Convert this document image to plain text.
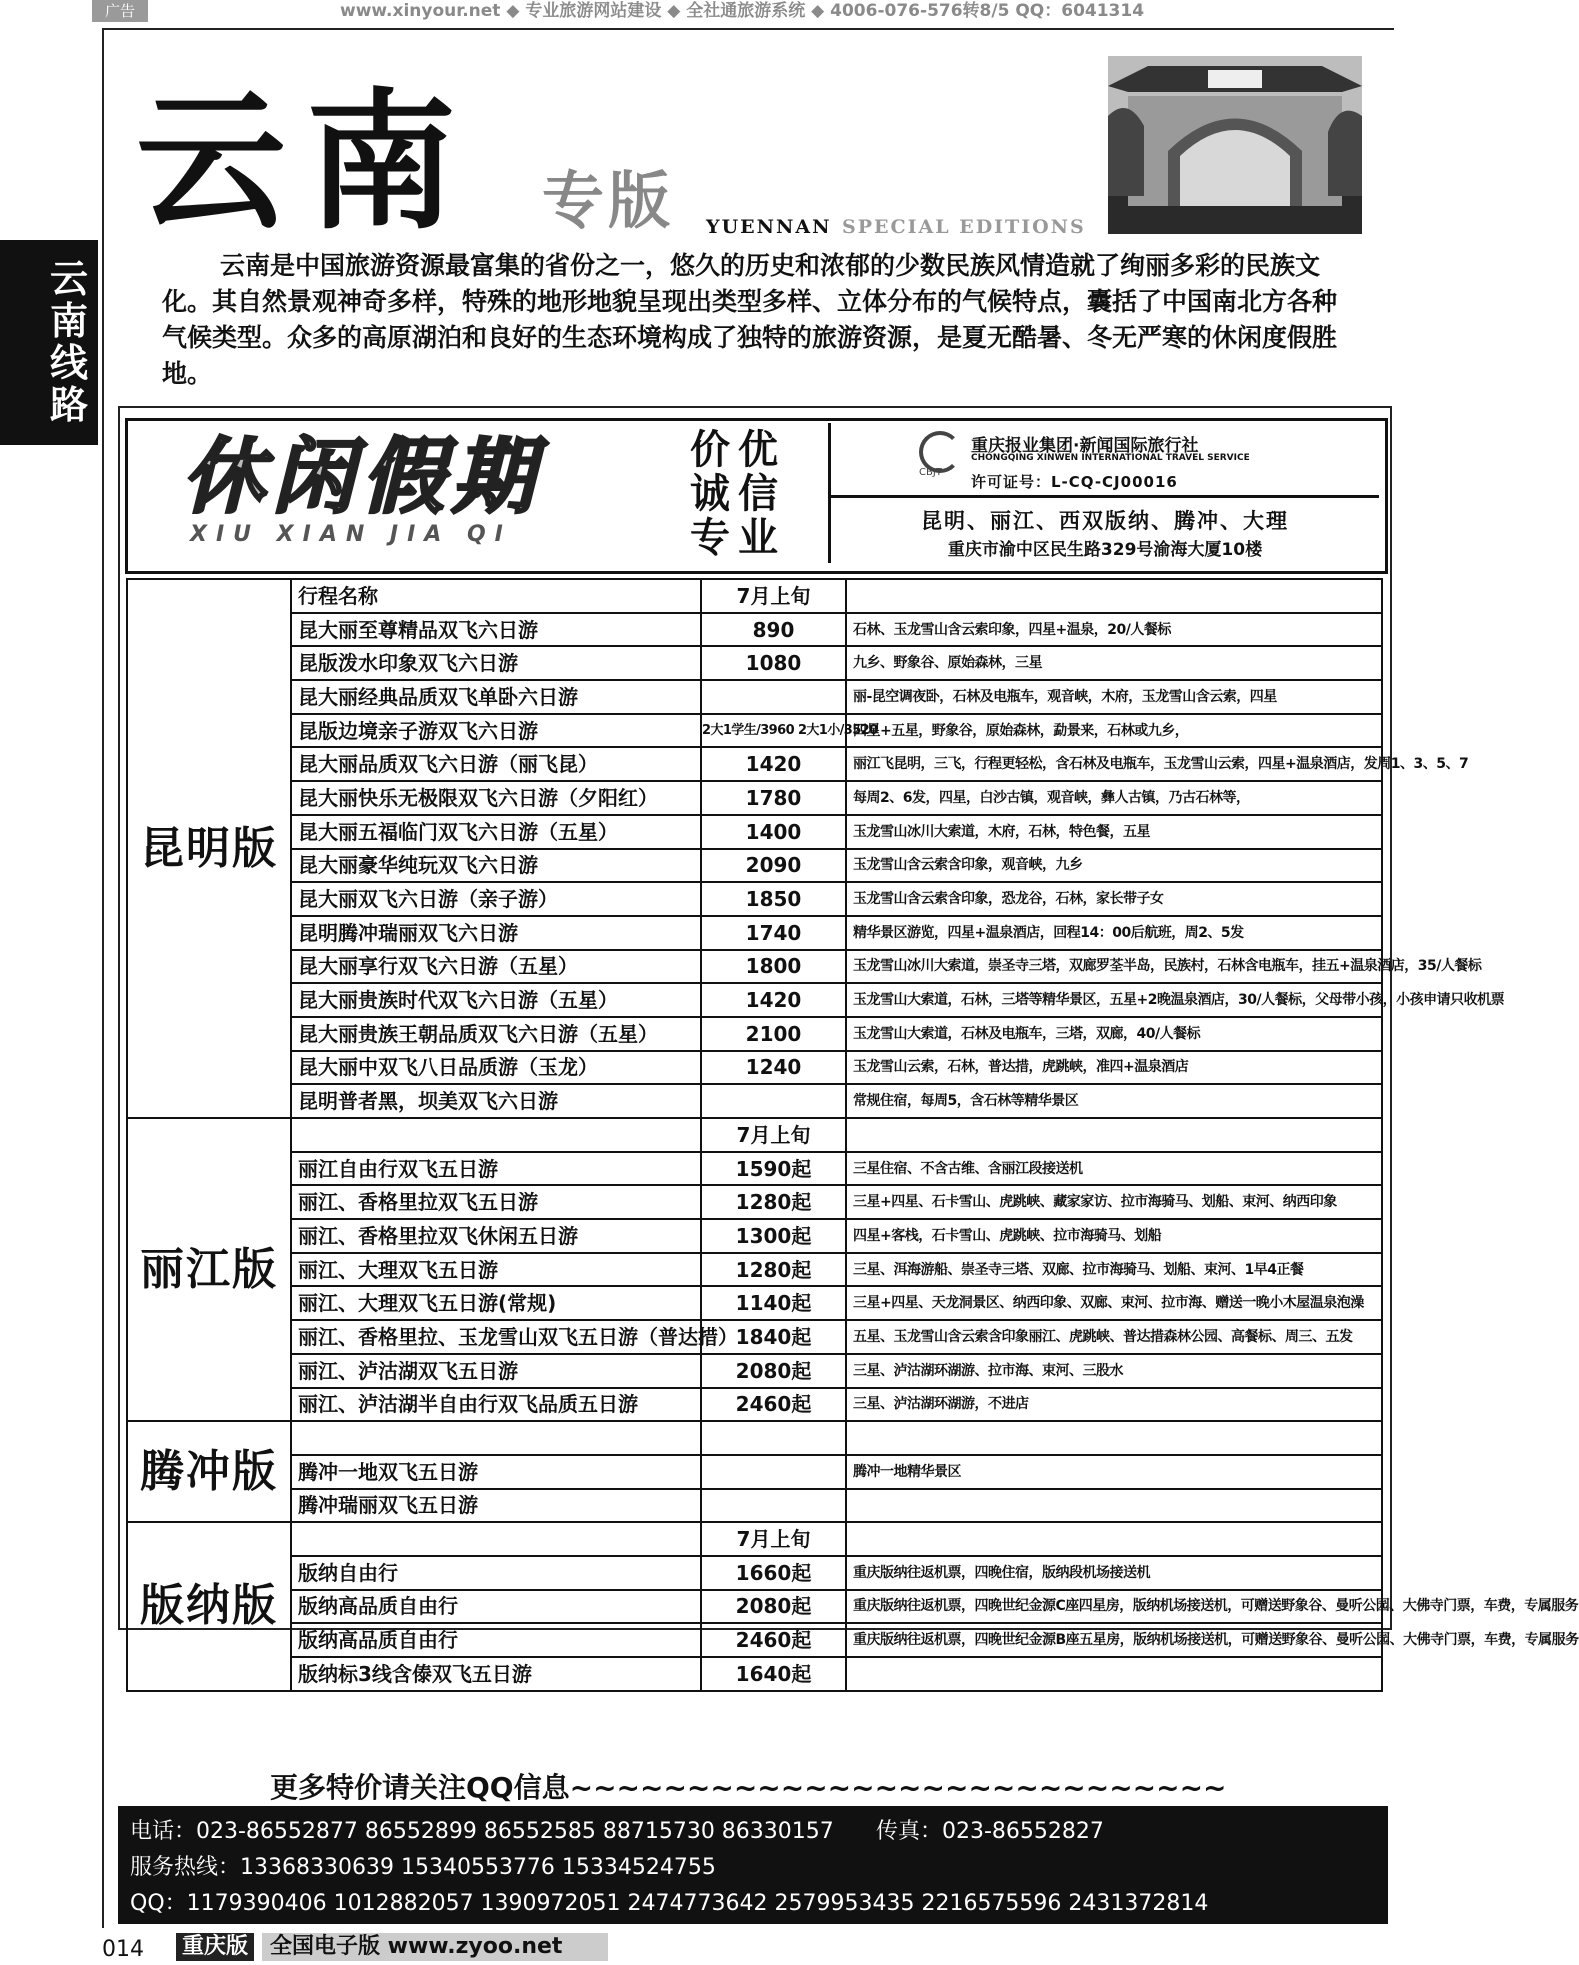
广告	www.xinyour.net ◆ 专业旅游网站建设 ◆ 全社通旅游系统 ◆ 4006-076-576转8/5 QQ：6041314
云南线路
云南 专版 YUENNAN SPECIAL EDITIONS

云南是中国旅游资源最富集的省份之一，悠久的历史和浓郁的少数民族风情造就了绚丽多彩的民族文化。其自然景观神奇多样，特殊的地形地貌呈现出类型多样、立体分布的气候特点，囊括了中国南北方各种气候类型。众多的高原湖泊和良好的生态环境构成了独特的旅游资源，是夏无酷暑、冬无严寒的休闲度假胜地。

休闲假期
XIU XIAN JIA QI
价优
诚信
专业
CBJT
重庆报业集团·新闻国际旅行社
CHONGQING XINWEN INTERNATIONAL TRAVEL SERVICE
许可证号：L-CQ-CJ00016
昆明、丽江、西双版纳、腾冲、大理
重庆市渝中区民生路329号渝海大厦10楼
昆明版	行程名称	7月上旬	
	昆大丽至尊精品双飞六日游	890	石林、玉龙雪山含云索印象，四星+温泉，20/人餐标
	昆版泼水印象双飞六日游	1080	九乡、野象谷、原始森林，三星
	昆大丽经典品质双飞单卧六日游		丽-昆空调夜卧，石林及电瓶车，观音峡，木府，玉龙雪山含云索，四星
	昆版边境亲子游双飞六日游	2大1学生/3960 2大1小/3520	四星+五星，野象谷，原始森林，勐景来，石林或九乡，
	昆大丽品质双飞六日游（丽飞昆）	1420	丽江飞昆明，三飞，行程更轻松，含石林及电瓶车，玉龙雪山云索，四星+温泉酒店，发周1、3、5、7
	昆大丽快乐无极限双飞六日游（夕阳红）	1780	每周2、6发，四星，白沙古镇，观音峡，彝人古镇，乃古石林等，
	昆大丽五福临门双飞六日游（五星）	1400	玉龙雪山冰川大索道，木府，石林，特色餐，五星
	昆大丽豪华纯玩双飞六日游	2090	玉龙雪山含云索含印象，观音峡，九乡
	昆大丽双飞六日游（亲子游）	1850	玉龙雪山含云索含印象，恐龙谷，石林，家长带子女
	昆明腾冲瑞丽双飞六日游	1740	精华景区游览，四星+温泉酒店，回程14：00后航班，周2、5发
	昆大丽享行双飞六日游（五星）	1800	玉龙雪山冰川大索道，崇圣寺三塔，双廊罗荃半岛，民族村，石林含电瓶车，挂五+温泉酒店，35/人餐标
	昆大丽贵族时代双飞六日游（五星）	1420	玉龙雪山大索道，石林，三塔等精华景区，五星+2晚温泉酒店，30/人餐标，父母带小孩，小孩申请只收机票
	昆大丽贵族王朝品质双飞六日游（五星）	2100	玉龙雪山大索道，石林及电瓶车，三塔，双廊，40/人餐标
	昆大丽中双飞八日品质游（玉龙）	1240	玉龙雪山云索，石林，普达措，虎跳峡，准四+温泉酒店
	昆明普者黑，坝美双飞六日游		常规住宿，每周5，含石林等精华景区
丽江版		7月上旬	
	丽江自由行双飞五日游	1590起	三星住宿、不含古维、含丽江段接送机
	丽江、香格里拉双飞五日游	1280起	三星+四星、石卡雪山、虎跳峡、藏家家访、拉市海骑马、划船、束河、纳西印象
	丽江、香格里拉双飞休闲五日游	1300起	四星+客栈，石卡雪山、虎跳峡、拉市海骑马、划船
	丽江、大理双飞五日游	1280起	三星、洱海游船、崇圣寺三塔、双廊、拉市海骑马、划船、束河、1早4正餐
	丽江、大理双飞五日游(常规)	1140起	三星+四星、天龙洞景区、纳西印象、双廊、束河、拉市海、赠送一晚小木屋温泉泡澡
	丽江、香格里拉、玉龙雪山双飞五日游（普达措）	1840起	五星、玉龙雪山含云索含印象丽江、虎跳峡、普达措森林公园、高餐标、周三、五发
	丽江、泸沽湖双飞五日游	2080起	三星、泸沽湖环湖游、拉市海、束河、三股水
	丽江、泸沽湖半自由行双飞品质五日游	2460起	三星、泸沽湖环湖游，不进店
腾冲版			
	腾冲一地双飞五日游		腾冲一地精华景区
	腾冲瑞丽双飞五日游		
版纳版		7月上旬	
	版纳自由行	1660起	重庆版纳往返机票，四晚住宿，版纳段机场接送机
	版纳高品质自由行	2080起	重庆版纳往返机票，四晚世纪金源C座四星房，版纳机场接送机，可赠送野象谷、曼听公园、大佛寺门票，车费，专属服务
	版纳高品质自由行	2460起	重庆版纳往返机票，四晚世纪金源B座五星房，版纳机场接送机，可赠送野象谷、曼听公园、大佛寺门票，车费，专属服务
	版纳标3线含傣双飞五日游	1640起	
更多特价请关注QQ信息~~~~~~~~~~~~~~~~~~~~~~~~~~~~
电话：023-86552877 86552899 86552585 88715730 86330157 传真：023-86552827
服务热线：13368330639 15340553776 15334524755
QQ：1179390406 1012882057 1390972051 2474773642 2579953435 2216575596 2431372814
014 重庆版 全国电子版 www.zyoo.net
